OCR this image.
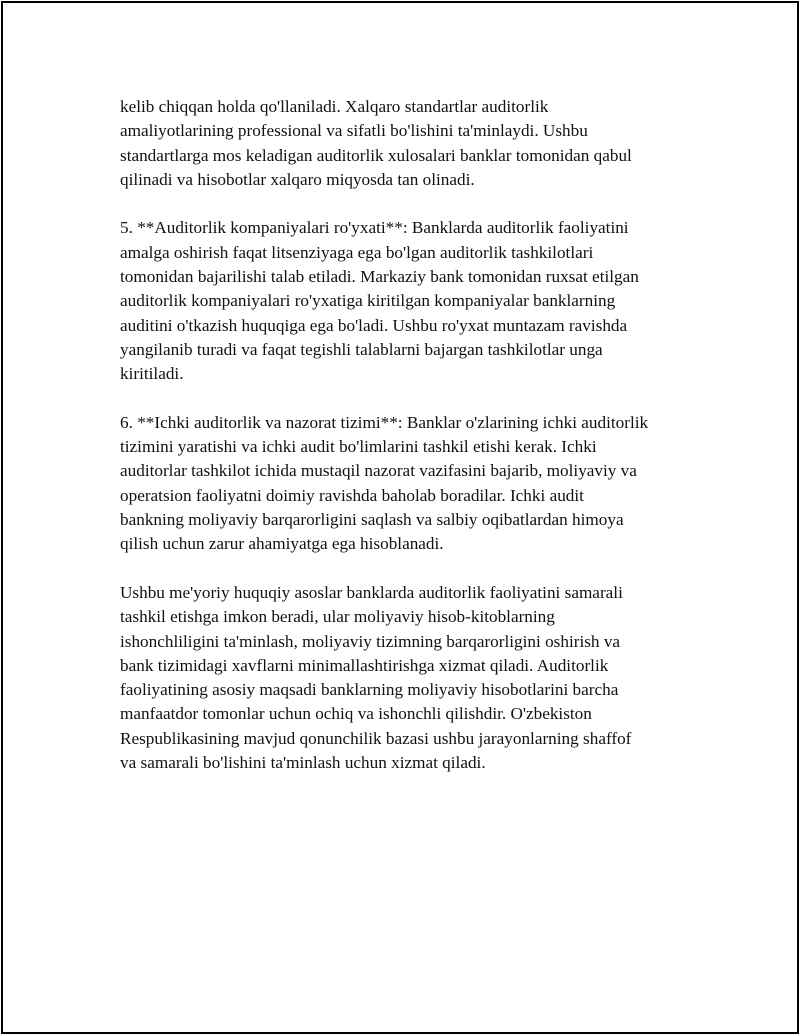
kelib chiqqan holda qo'llaniladi. Xalqaro standartlar auditorlik
amaliyotlarining professional va sifatli bo'lishini ta'minlaydi. Ushbu
standartlarga mos keladigan auditorlik xulosalari banklar tomonidan qabul
qilinadi va hisobotlar xalqaro miqyosda tan olinadi.

5. **Auditorlik kompaniyalari ro'yxati**: Banklarda auditorlik faoliyatini
amalga oshirish faqat litsenziyaga ega bo'lgan auditorlik tashkilotlari
tomonidan bajarilishi talab etiladi. Markaziy bank tomonidan ruxsat etilgan
auditorlik kompaniyalari ro'yxatiga kiritilgan kompaniyalar banklarning
auditini o'tkazish huquqiga ega bo'ladi. Ushbu ro'yxat muntazam ravishda
yangilanib turadi va faqat tegishli talablarni bajargan tashkilotlar unga
kiritiladi.

6. **Ichki auditorlik va nazorat tizimi**: Banklar o'zlarining ichki auditorlik
tizimini yaratishi va ichki audit bo'limlarini tashkil etishi kerak. Ichki
auditorlar tashkilot ichida mustaqil nazorat vazifasini bajarib, moliyaviy va
operatsion faoliyatni doimiy ravishda baholab boradilar. Ichki audit
bankning moliyaviy barqarorligini saqlash va salbiy oqibatlardan himoya
qilish uchun zarur ahamiyatga ega hisoblanadi.

Ushbu me'yoriy huquqiy asoslar banklarda auditorlik faoliyatini samarali
tashkil etishga imkon beradi, ular moliyaviy hisob-kitoblarning
ishonchliligini ta'minlash, moliyaviy tizimning barqarorligini oshirish va
bank tizimidagi xavflarni minimallashtirishga xizmat qiladi. Auditorlik
faoliyatining asosiy maqsadi banklarning moliyaviy hisobotlarini barcha
manfaatdor tomonlar uchun ochiq va ishonchli qilishdir. O'zbekiston
Respublikasining mavjud qonunchilik bazasi ushbu jarayonlarning shaffof
va samarali bo'lishini ta'minlash uchun xizmat qiladi.
